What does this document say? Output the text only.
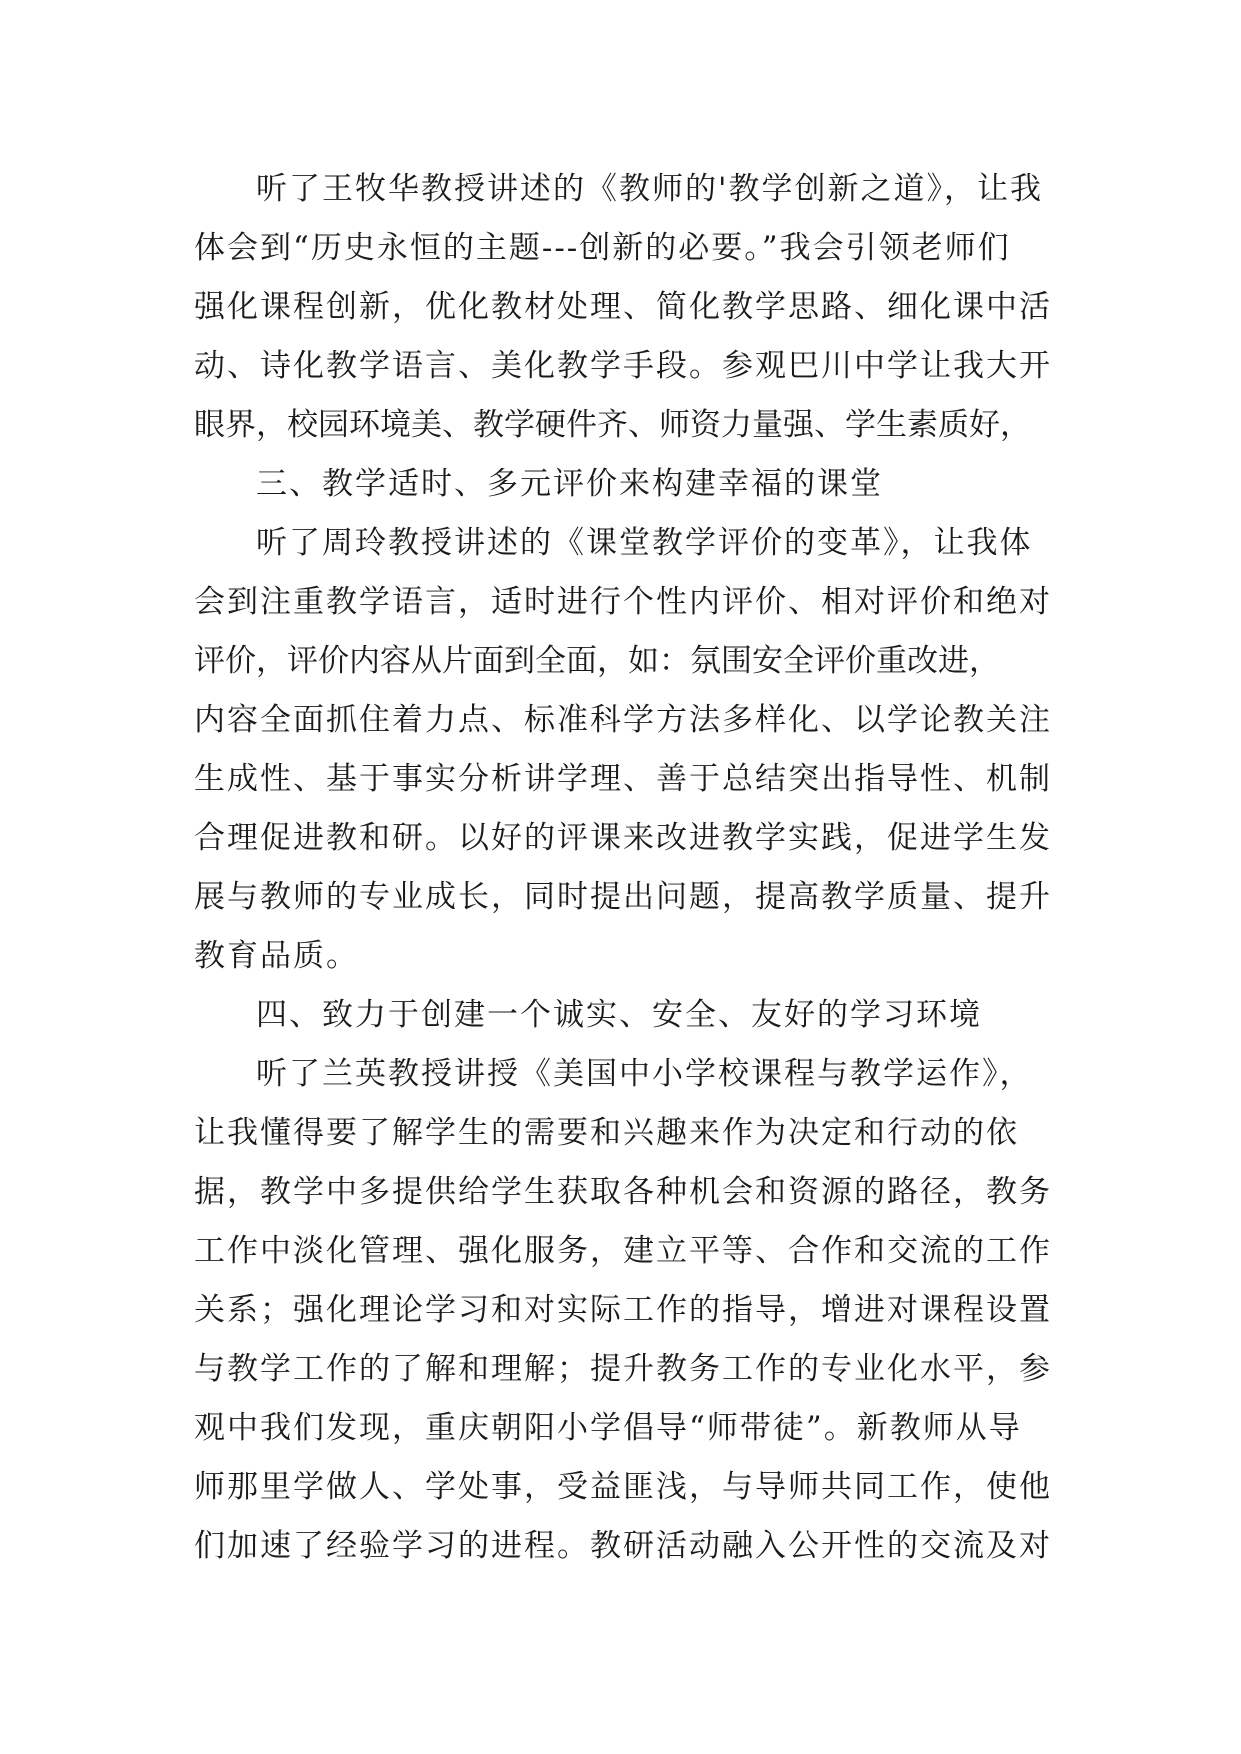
听了王牧华教授讲述的《教师的'教学创新之道》，让我
体会到“历史永恒的主题---创新的必要。”我会引领老师们
强化课程创新，优化教材处理、简化教学思路、细化课中活
动、诗化教学语言、美化教学手段。参观巴川中学让我大开
眼界，校园环境美、教学硬件齐、师资力量强、学生素质好，
三、教学适时、多元评价来构建幸福的课堂
听了周玲教授讲述的《课堂教学评价的变革》，让我体
会到注重教学语言，适时进行个性内评价、相对评价和绝对
评价，评价内容从片面到全面，如：氛围安全评价重改进，
内容全面抓住着力点、标准科学方法多样化、以学论教关注
生成性、基于事实分析讲学理、善于总结突出指导性、机制
合理促进教和研。以好的评课来改进教学实践，促进学生发
展与教师的专业成长，同时提出问题，提高教学质量、提升
教育品质。
四、致力于创建一个诚实、安全、友好的学习环境
听了兰英教授讲授《美国中小学校课程与教学运作》，
让我懂得要了解学生的需要和兴趣来作为决定和行动的依
据，教学中多提供给学生获取各种机会和资源的路径，教务
工作中淡化管理、强化服务，建立平等、合作和交流的工作
关系；强化理论学习和对实际工作的指导，增进对课程设置
与教学工作的了解和理解；提升教务工作的专业化水平，参
观中我们发现，重庆朝阳小学倡导“师带徒”。新教师从导
师那里学做人、学处事，受益匪浅，与导师共同工作，使他
们加速了经验学习的进程。教研活动融入公开性的交流及对
